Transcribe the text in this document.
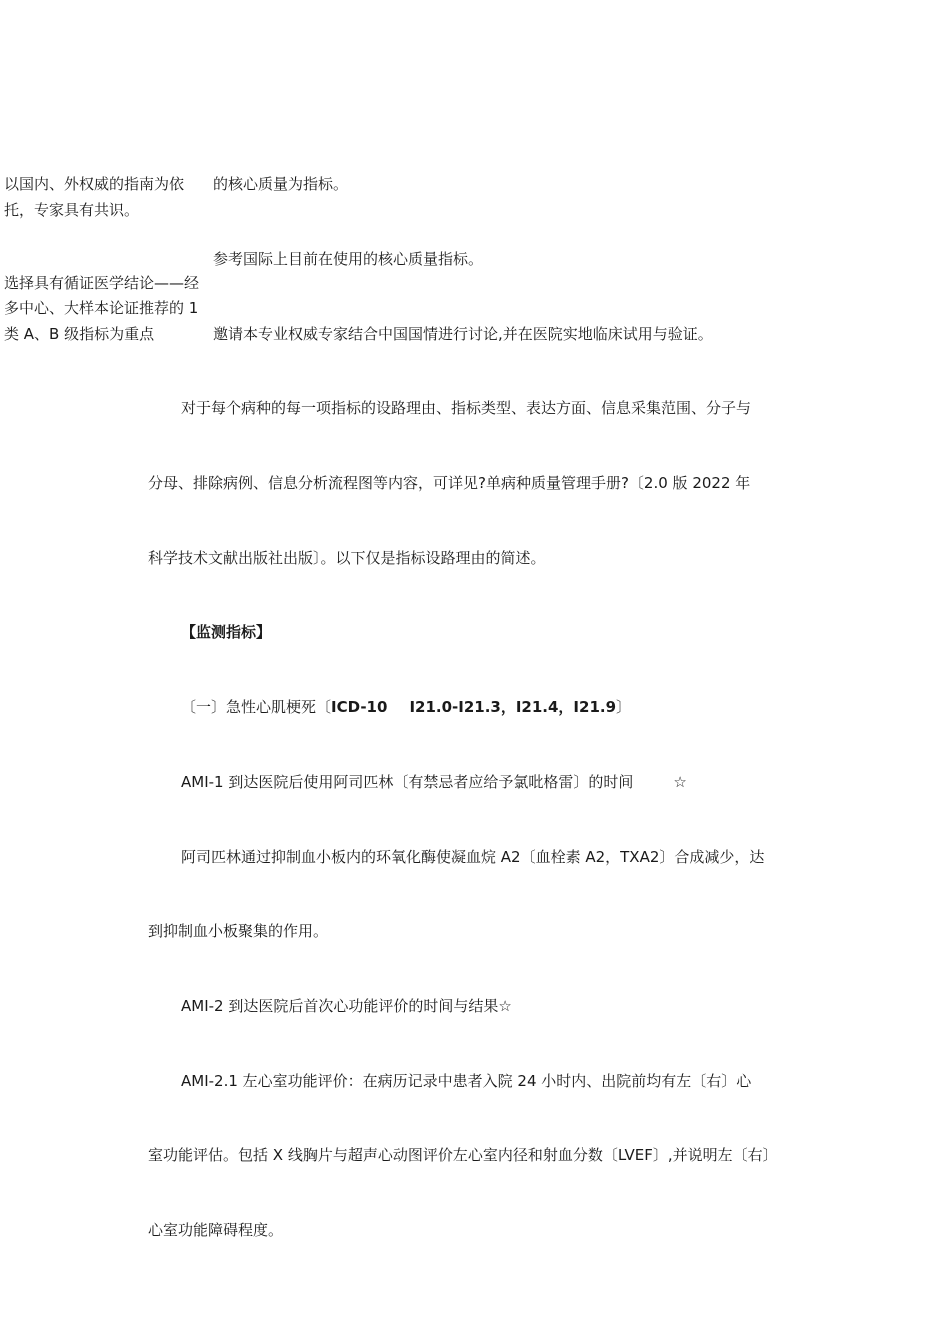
以国内、外权威的指南为依
托，专家具有共识。
的核心质量为指标。
参考国际上目前在使用的核心质量指标。
选择具有循证医学结论——经
多中心、大样本论证推荐的 1
类 A、B 级指标为重点	邀请本专业权威专家结合中国国情进行讨论,并在医院实地临床试用与验证。
对于每个病种的每一项指标的设路理由、指标类型、表达方面、信息采集范围、分子与
分母、排除病例、信息分析流程图等内容，可详见?单病种质量管理手册?〔2.0 版 2022 年
科学技术文献出版社出版〕。以下仅是指标设路理由的简述。
【监测指标】
〔一〕急性心肌梗死〔ICD-10 I21.0-I21.3，I21.4，I21.9〕
AMI-1 到达医院后使用阿司匹林〔有禁忌者应给予氯吡格雷〕的时间	☆
阿司匹林通过抑制血小板内的环氧化酶使凝血烷 A2〔血栓素 A2，TXA2〕合成减少，达
到抑制血小板聚集的作用。
AMI-2 到达医院后首次心功能评价的时间与结果☆
AMI-2.1 左心室功能评价：在病历记录中患者入院 24 小时内、出院前均有左〔右〕心
室功能评估。包括 X 线胸片与超声心动图评价左心室内径和射血分数〔LVEF〕,并说明左〔右〕
心室功能障碍程度。
